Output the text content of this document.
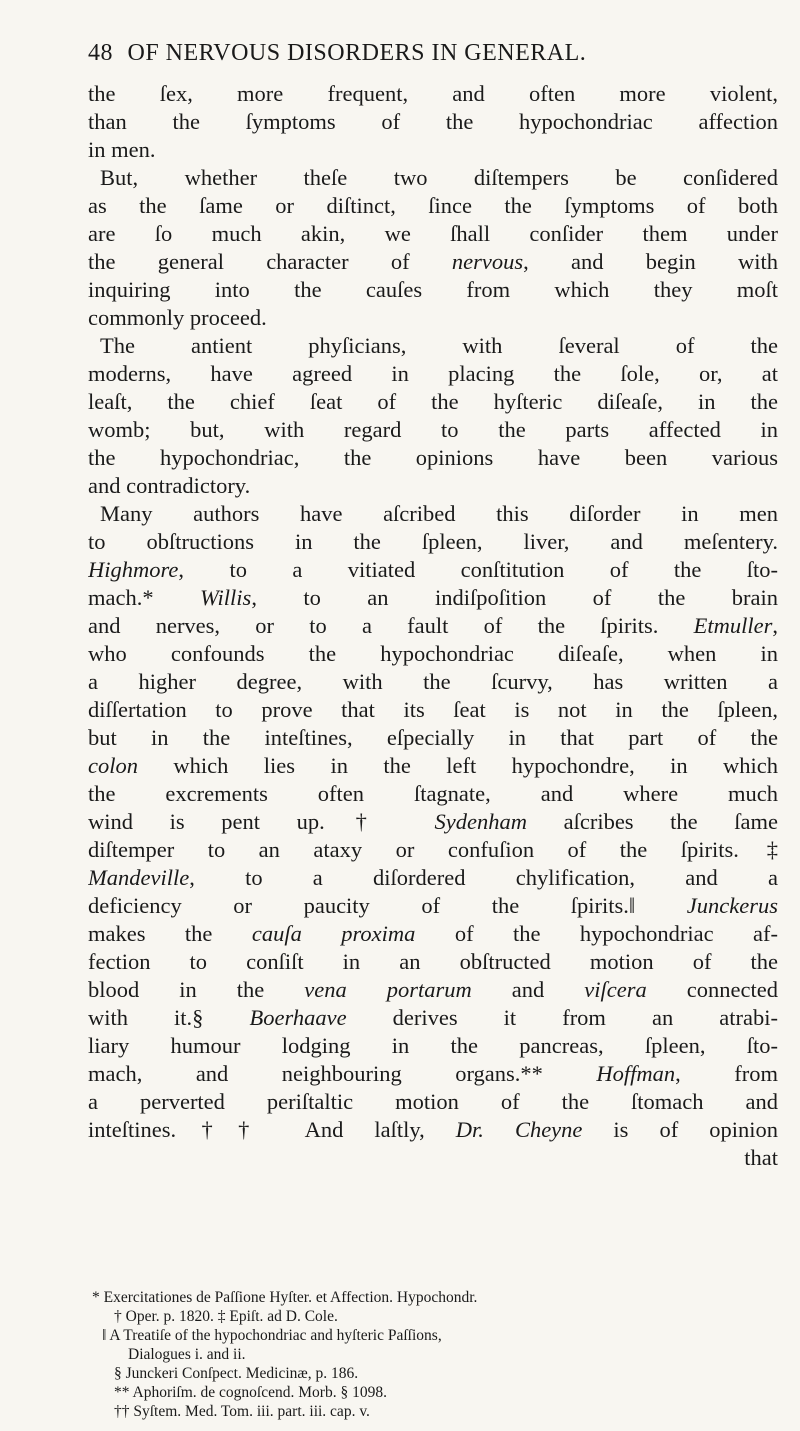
48 OF NERVOUS DISORDERS IN GENERAL.
the ſex, more frequent, and often more violent,
than the ſymptoms of the hypochondriac affection
in men.
But, whether theſe two diſtempers be conſidered
as the ſame or diſtinct, ſince the ſymptoms of both
are ſo much akin, we ſhall conſider them under
the general character of nervous, and begin with
inquiring into the cauſes from which they moſt
commonly proceed.
The antient phyſicians, with ſeveral of the
moderns, have agreed in placing the ſole, or, at
leaſt, the chief ſeat of the hyſteric diſeaſe, in the
womb; but, with regard to the parts affected in
the hypochondriac, the opinions have been various
and contradictory.
Many authors have aſcribed this diſorder in men
to obſtructions in the ſpleen, liver, and meſentery.
Highmore, to a vitiated conſtitution of the ſto-
mach.* Willis, to an indiſpoſition of the brain
and nerves, or to a fault of the ſpirits. Etmuller,
who confounds the hypochondriac diſeaſe, when in
a higher degree, with the ſcurvy, has written a
diſſertation to prove that its ſeat is not in the ſpleen,
but in the inteſtines, eſpecially in that part of the
colon which lies in the left hypochondre, in which
the excrements often ſtagnate, and where much
wind is pent up.† Sydenham aſcribes the ſame
diſtemper to an ataxy or confuſion of the ſpirits.‡
Mandeville, to a diſordered chylification, and a
deficiency or paucity of the ſpirits.‖ Junckerus
makes the cauſa proxima of the hypochondriac af-
fection to conſiſt in an obſtructed motion of the
blood in the vena portarum and viſcera connected
with it.§ Boerhaave derives it from an atrabi-
liary humour lodging in the pancreas, ſpleen, ſto-
mach, and neighbouring organs.** Hoffman, from
a perverted periſtaltic motion of the ſtomach and
inteſtines.†† And laſtly, Dr. Cheyne is of opinion
that
* Exercitationes de Paſſione Hyſter. et Affection. Hypochondr.
† Oper. p. 1820. ‡ Epiſt. ad D. Cole.
‖ A Treatiſe of the hypochondriac and hyſteric Paſſions,
Dialogues i. and ii.
§ Junckeri Conſpect. Medicinæ, p. 186.
** Aphoriſm. de cognoſcend. Morb. § 1098.
†† Syſtem. Med. Tom. iii. part. iii. cap. v.
